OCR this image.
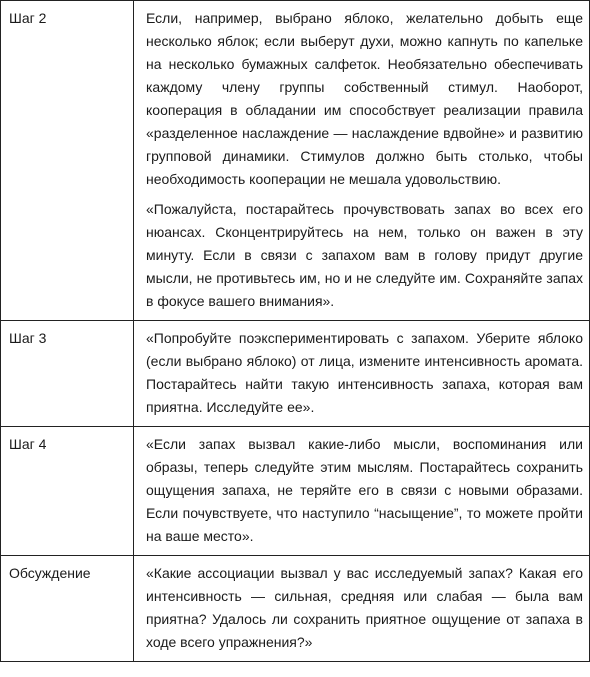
Шаг 2	Если, например, выбрано яблоко, желательно добыть еще несколько яблок; если выберут духи, можно капнуть по капельке на несколько бумажных салфеток. Необязательно обеспечивать каждому члену группы собственный стимул. Наоборот, кооперация в обладании им способствует реализации правила «разделенное наслаждение — наслаждение вдвойне» и развитию групповой динамики. Стимулов должно быть столько, чтобы необходимость кооперации не мешала удовольствию.

«Пожалуйста, постарайтесь прочувствовать запах во всех его нюансах. Сконцентрируйтесь на нем, только он важен в эту минуту. Если в связи с запахом вам в голову придут другие мысли, не противьтесь им, но и не следуйте им. Сохраняйте запах в фокусе вашего внимания».

Шаг 3	«Попробуйте поэкспериментировать с запахом. Уберите яблоко (если выбрано яблоко) от лица, измените интенсивность аромата. Постарайтесь найти такую интенсивность запаха, которая вам приятна. Исследуйте ее».

Шаг 4	«Если запах вызвал какие-либо мысли, воспоминания или образы, теперь следуйте этим мыслям. Постарайтесь сохранить ощущения запаха, не теряйте его в связи с новыми образами. Если почувствуете, что наступило “насыщение”, то можете пройти на ваше место».

Обсуждение	«Какие ассоциации вызвал у вас исследуемый запах? Какая его интенсивность — сильная, средняя или слабая — была вам приятна? Удалось ли сохранить приятное ощущение от запаха в ходе всего упражнения?»
